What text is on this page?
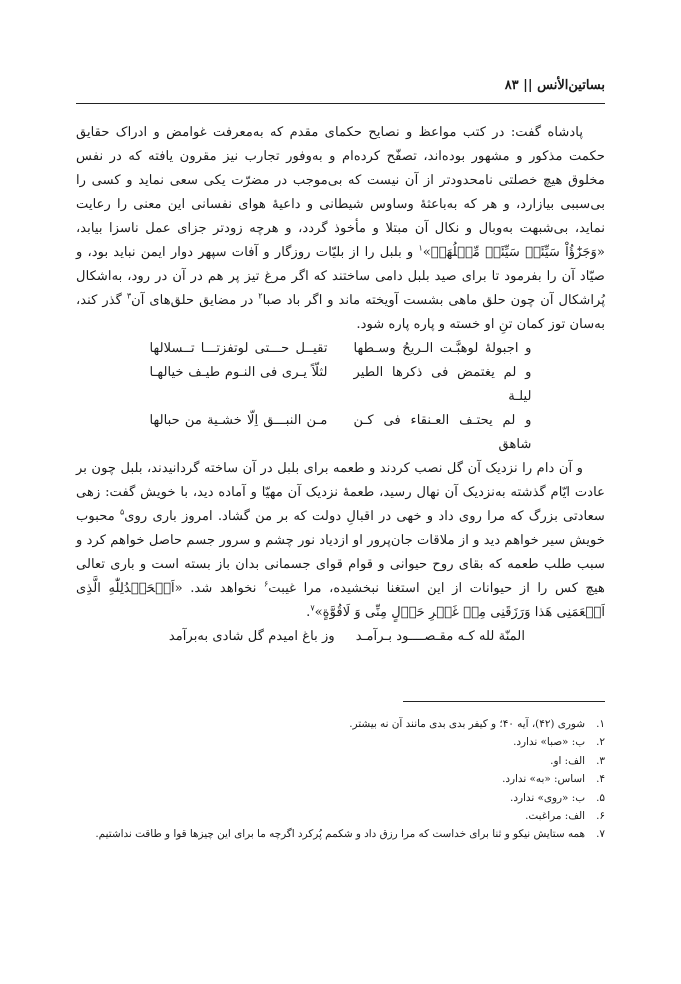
بساتین‌الأنس || ۸۳

پادشاه گفت: در کتب مواعظ و نصایح حکمای مقدم که به‌معرفت غوامض و ادراک حقایق حکمت مذکور و مشهور بوده‌اند، تصفّح کرده‌ام و به‌وفور تجارب نیز مقرون یافته که در نفس مخلوق هیچ خصلتی نامحدودتر از آن نیست که بی‌موجب در مضرّت یکی سعی نماید و کسی را بی‌سببی بیازارد، و هر که به‌باعثهٔ وساوس شیطانی و داعیهٔ هوای نفسانی این معنی را رعایت نماید، بی‌شبهت به‌وبال و نکال آن مبتلا و مأخوذ گردد، و هرچه زودتر جزای عمل ناسزا بیابد، «وَجَزَٰٓؤُاْ سَيِّئَةٖ سَيِّئَةٞ مِّثۡلُهَاۖ»$^۱$ و بلبل را از بلیّات روزگار و آفات سپهر دوار ایمن نباید بود، و صیّاد آن را بفرمود تا برای صید بلبل دامی ساختند که اگر مرغ تیز پر هم در آن در رود، به‌اشکال پُراشکال آن چون حلق ماهی بشست آویخته ماند و اگر باد صبا$^۲$ در مضایق حلق‌های آن$^۳$ گذر کند، به‌سان توز کمان تنِ او خسته و پاره پاره شود.

و اجبولهٔ لوهبَّـت الـریحُ وسـطها
تقیــل حـــتی لوتفزتـــا تــسلالها
و لم یغتمض فی ذکرها الطیر لیلـة
لثلّاً یـری فی النـوم طیـف خیالهـا
و لم یحتـف العـنقاء فی کـن شاهق
مـن النبـــق اِلّا خشـیة من حبالها

و آن دام را نزدیک آن گل نصب کردند و طعمه برای بلبل در آن ساخته گردانیدند، بلبل چون بر عادت ایّام گذشته به‌نزدیک آن نهال رسید، طعمهٔ نزدیک آن مهیّا و آماده دید، با خویش گفت: زهی سعادتی بزرگ که مرا روی داد و خهی در اقبالِ دولت که بر من گشاد. امروز باری روی$^۵$ محبوب خویش سیر خواهم دید و از ملاقات جان‌پرور او ازدیاد نور چشم و سرور جسم حاصل خواهم کرد و سبب طلب طعمه که بقای روح حیوانی و قوام قوای جسمانی بدان باز بسته است و باری تعالی هیچ کس را از حیوانات از این استغنا نبخشیده، مرا غیبت$^۶$ نخواهد شد. «اَلۡحَمۡدُلِلّٰهِ الَّذِی اَطۡعَمَنِی هَذا وَرَزَقَنِی مِنۡ غَیۡرِ حَوۡلٍ مِنِّی وَ لَاقُوَّةٍ»$^۷$.

المنّة لله کـه مقـصــــود بـرآمـد     وز باغ امیدم گل شادی به‌برآمد
۱.
شوری (۴۲)، آیه ۴۰؛ و کیفر بدی بدی مانند آن نه بیشتر.
۲.
ب: «صبا» ندارد.
۳.
الف: او.
۴.
اساس: «به» ندارد.
۵.
ب: «روی» ندارد.
۶.
الف: مراغبت.
۷.
همه ستایش نیکو و ثنا برای خداست که مرا رزق داد و شکمم پُرکرد اگرچه ما برای این چیزها قوا و طاقت نداشتیم.
